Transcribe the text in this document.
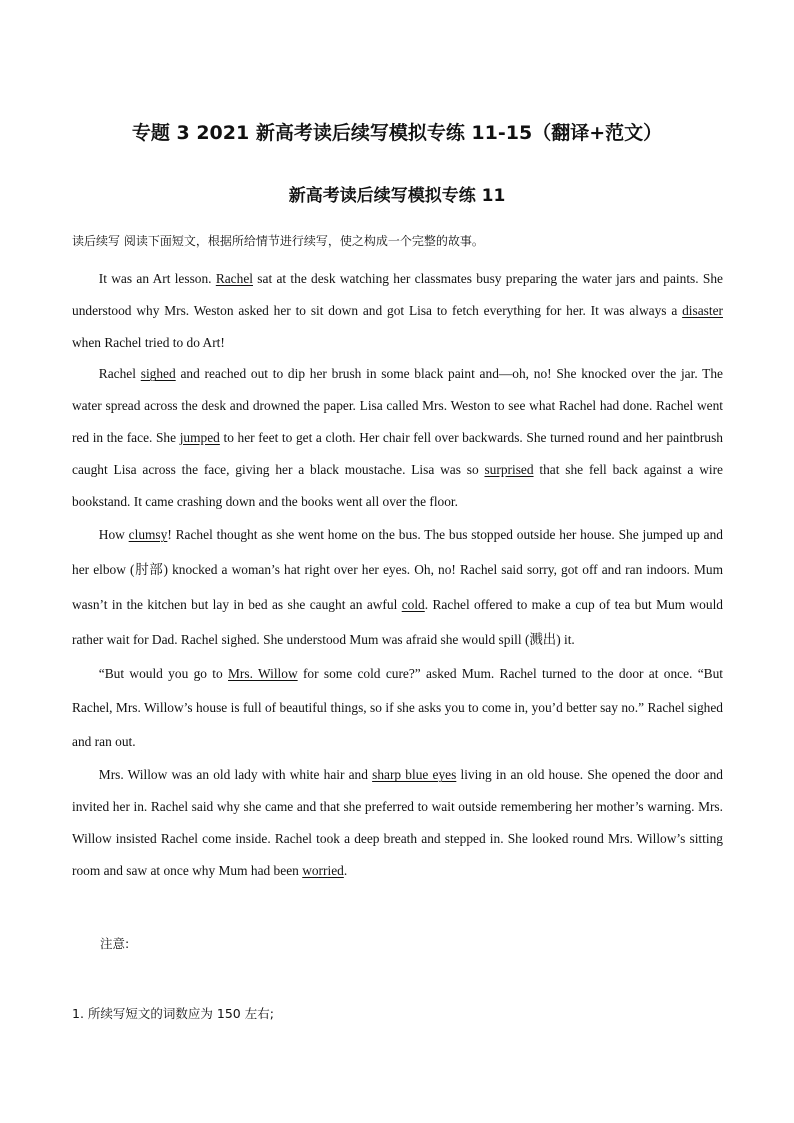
专题 3 2021 新高考读后续写模拟专练 11-15（翻译+范文）
新高考读后续写模拟专练 11

读后续写 阅读下面短文，根据所给情节进行续写，使之构成一个完整的故事。

It was an Art lesson. Rachel sat at the desk watching her classmates busy preparing the water jars and paints. She understood why Mrs. Weston asked her to sit down and got Lisa to fetch everything for her. It was always a disaster when Rachel tried to do Art!

Rachel sighed and reached out to dip her brush in some black paint and—oh, no! She knocked over the jar. The water spread across the desk and drowned the paper. Lisa called Mrs. Weston to see what Rachel had done. Rachel went red in the face. She jumped to her feet to get a cloth. Her chair fell over backwards. She turned round and her paintbrush caught Lisa across the face, giving her a black moustache. Lisa was so surprised that she fell back against a wire bookstand. It came crashing down and the books went all over the floor.

How clumsy! Rachel thought as she went home on the bus. The bus stopped outside her house. She jumped up and her elbow (肘部) knocked a woman’s hat right over her eyes. Oh, no! Rachel said sorry, got off and ran indoors. Mum wasn’t in the kitchen but lay in bed as she caught an awful cold. Rachel offered to make a cup of tea but Mum would rather wait for Dad. Rachel sighed. She understood Mum was afraid she would spill (溅出) it.

“But would you go to Mrs. Willow for some cold cure?” asked Mum. Rachel turned to the door at once. “But Rachel, Mrs. Willow’s house is full of beautiful things, so if she asks you to come in, you’d better say no.” Rachel sighed and ran out.

Mrs. Willow was an old lady with white hair and sharp blue eyes living in an old house. She opened the door and invited her in. Rachel said why she came and that she preferred to wait outside remembering her mother’s warning. Mrs. Willow insisted Rachel come inside. Rachel took a deep breath and stepped in. She looked round Mrs. Willow’s sitting room and saw at once why Mum had been worried.

注意:

1. 所续写短文的词数应为 150 左右;
